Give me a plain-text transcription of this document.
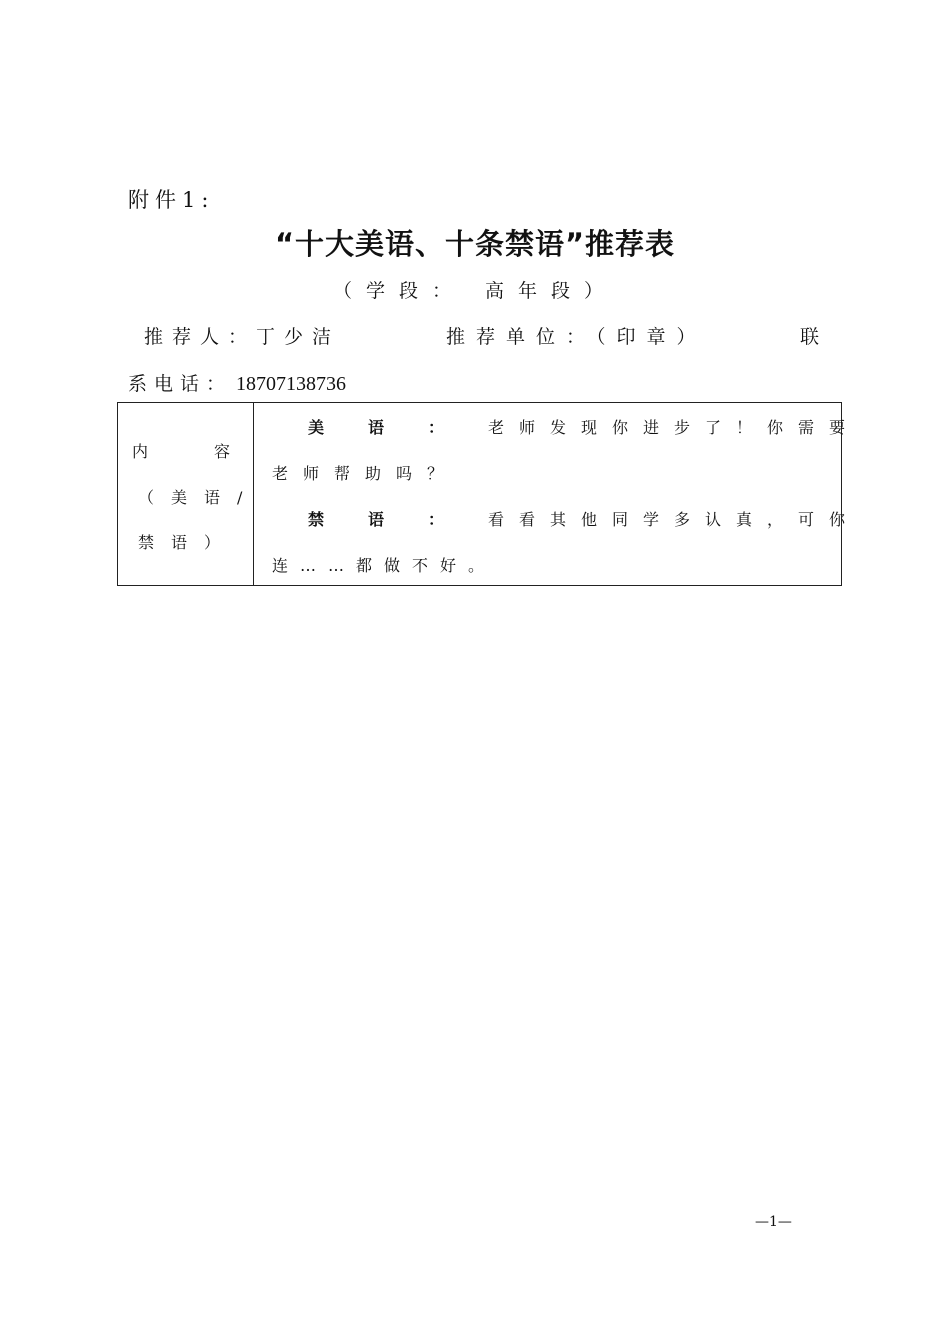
附件1:
“十大美语、十条禁语”推荐表
（学段： 高年段）
推荐人：丁少洁	推荐单位：（印章）	联
系电话： 18707138736
内	容
（美语/
禁语）

美语：老师发现你进步了！你需要
老师帮助吗？
禁语：看看其他同学多认真，可你
连……都做不好。
—1—
